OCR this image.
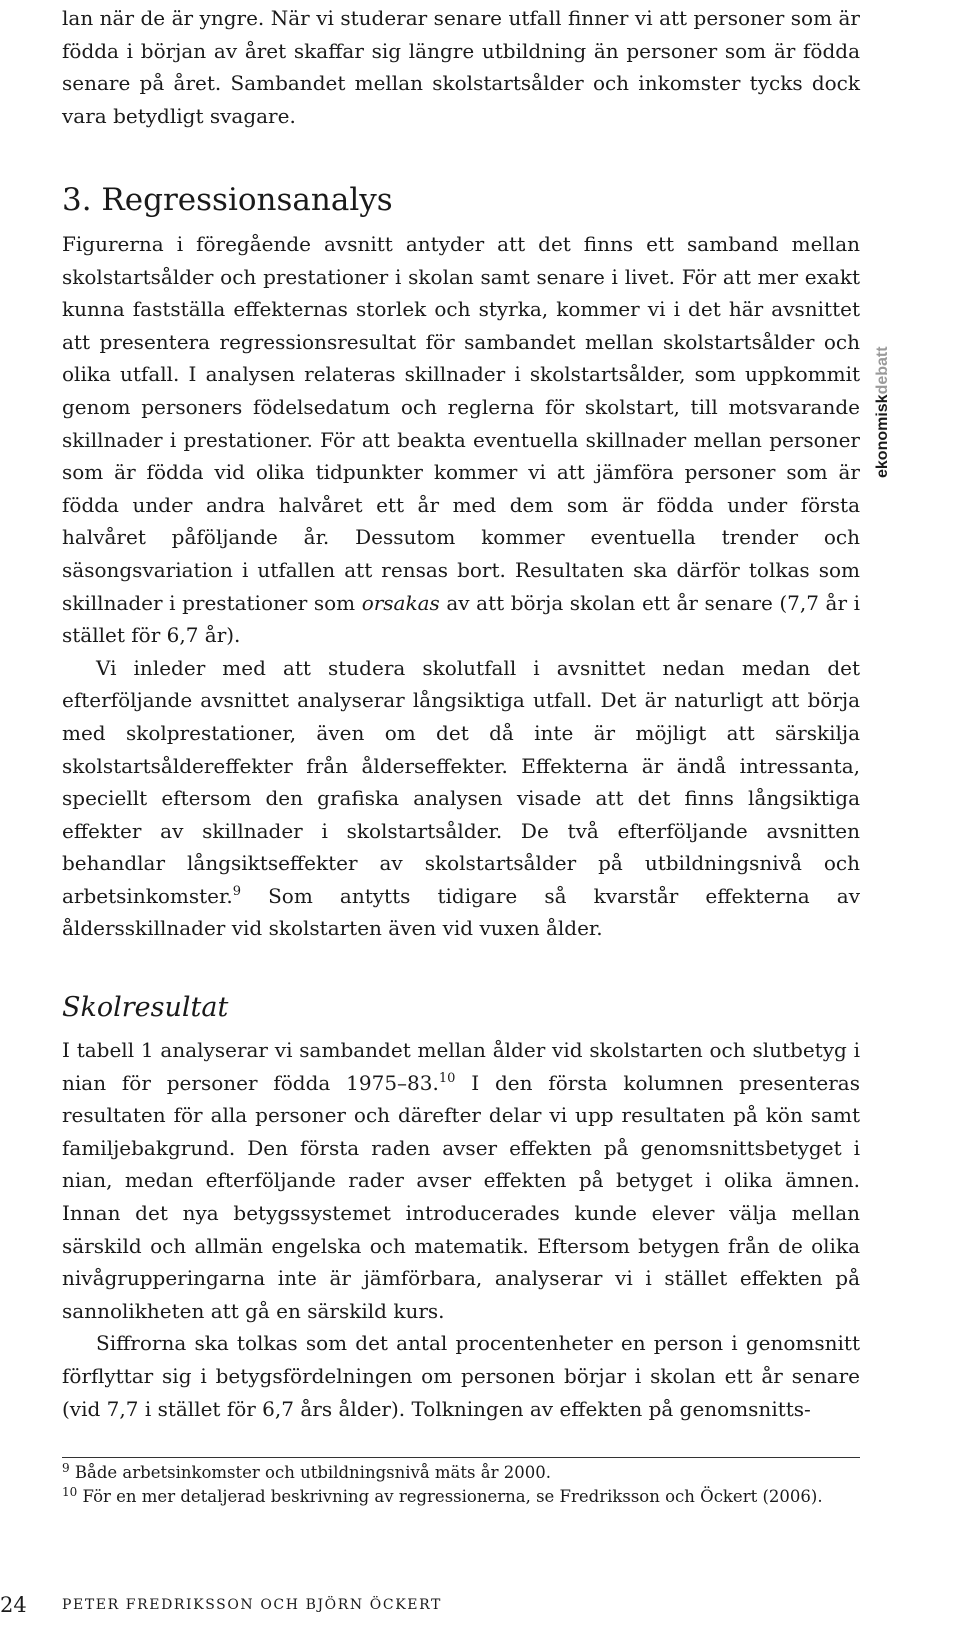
lan när de är yngre. När vi studerar senare utfall finner vi att personer som är födda i början av året skaffar sig längre utbildning än personer som är födda senare på året. Sambandet mellan skolstartsålder och inkomster tycks dock vara betydligt svagare.

3. Regressionsanalys

Figurerna i föregående avsnitt antyder att det finns ett samband mellan skolstartsålder och prestationer i skolan samt senare i livet. För att mer exakt kunna fastställa effekternas storlek och styrka, kommer vi i det här avsnittet att presentera regressionsresultat för sambandet mellan skolstartsålder och olika utfall. I analysen relateras skillnader i skolstartsålder, som uppkommit genom personers födelsedatum och reglerna för skolstart, till motsvarande skillnader i prestationer. För att beakta eventuella skillnader mellan personer som är födda vid olika tidpunkter kommer vi att jämföra personer som är födda under andra halvåret ett år med dem som är födda under första halvåret påföljande år. Dessutom kommer eventuella trender och säsongsvariation i utfallen att rensas bort. Resultaten ska därför tolkas som skillnader i prestationer som orsakas av att börja skolan ett år senare (7,7 år i stället för 6,7 år).

Vi inleder med att studera skolutfall i avsnittet nedan medan det efterföljande avsnittet analyserar långsiktiga utfall. Det är naturligt att börja med skolprestationer, även om det då inte är möjligt att särskilja skolstartsåldereffekter från ålderseffekter. Effekterna är ändå intressanta, speciellt eftersom den grafiska analysen visade att det finns långsiktiga effekter av skillnader i skolstartsålder. De två efterföljande avsnitten behandlar långsiktseffekter av skolstartsålder på utbildningsnivå och arbetsinkomster.$^9$ Som antytts tidigare så kvarstår effekterna av åldersskillnader vid skolstarten även vid vuxen ålder.

Skolresultat

I tabell 1 analyserar vi sambandet mellan ålder vid skolstarten och slutbetyg i nian för personer födda 1975–83.10 I den första kolumnen presenteras resultaten för alla personer och därefter delar vi upp resultaten på kön samt familjebakgrund. Den första raden avser effekten på genomsnittsbetyget i nian, medan efterföljande rader avser effekten på betyget i olika ämnen. Innan det nya betygssystemet introducerades kunde elever välja mellan särskild och allmän engelska och matematik. Eftersom betygen från de olika nivågrupperingarna inte är jämförbara, analyserar vi i stället effekten på sannolikheten att gå en särskild kurs.

Siffrorna ska tolkas som det antal procentenheter en person i genomsnitt förflyttar sig i betygsfördelningen om personen börjar i skolan ett år senare (vid 7,7 i stället för 6,7 års ålder). Tolkningen av effekten på genomsnitts-

$^9$ Både arbetsinkomster och utbildningsnivå mäts år 2000.
$^{10}$ För en mer detaljerad beskrivning av regressionerna, se Fredriksson och Öckert (2006).
24	PETER FREDRIKSSON OCH BJÖRN ÖCKERT
ekonomiskdebatt
